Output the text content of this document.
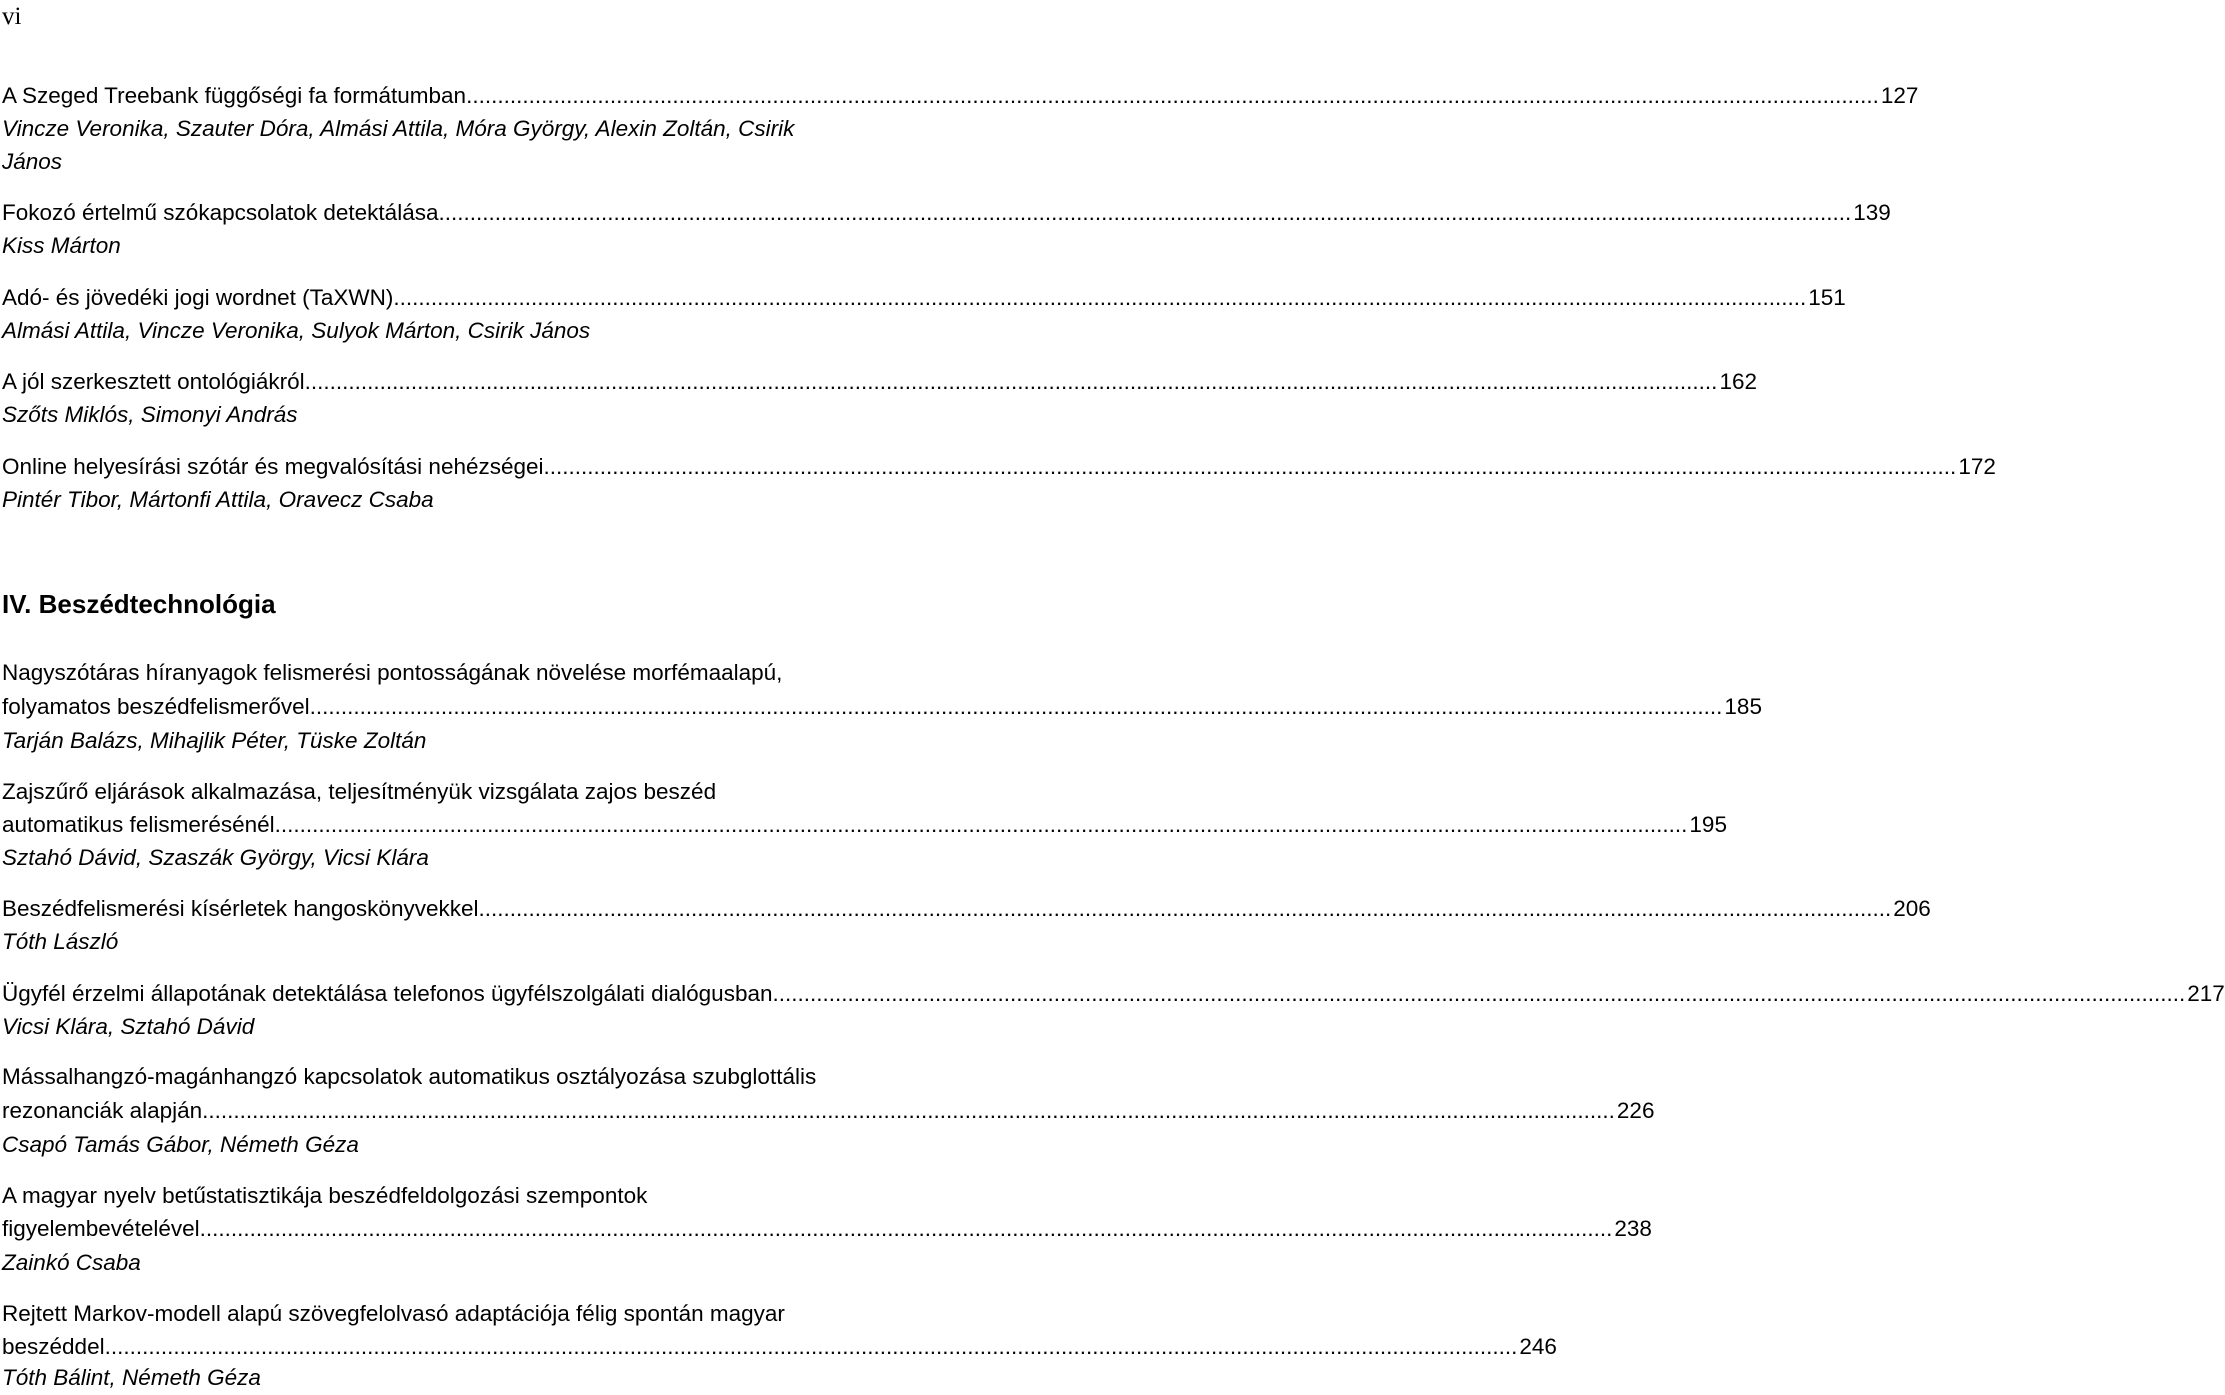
vi
A Szeged Treebank függőségi fa formátumban .................................................................................................................................................................................................................................. 127
Vincze Veronika, Szauter Dóra, Almási Attila, Móra György, Alexin Zoltán, Csirik
János
Fokozó értelmű szókapcsolatok detektálása .................................................................................................................................................................................................................................. 139
Kiss Márton
Adó- és jövedéki jogi wordnet (TaXWN) .................................................................................................................................................................................................................................. 151
Almási Attila, Vincze Veronika, Sulyok Márton, Csirik János
A jól szerkesztett ontológiákról .................................................................................................................................................................................................................................. 162
Szőts Miklós, Simonyi András
Online helyesírási szótár és megvalósítási nehézségei .................................................................................................................................................................................................................................. 172
Pintér Tibor, Mártonfi Attila, Oravecz Csaba
IV. Beszédtechnológia
Nagyszótáras híranyagok felismerési pontosságának növelése morfémaalapú,
folyamatos beszédfelismerővel .................................................................................................................................................................................................................................. 185
Tarján Balázs, Mihajlik Péter, Tüske Zoltán
Zajszűrő eljárások alkalmazása, teljesítményük vizsgálata zajos beszéd
automatikus felismerésénél .................................................................................................................................................................................................................................. 195
Sztahó Dávid, Szaszák György, Vicsi Klára
Beszédfelismerési kísérletek hangoskönyvekkel .................................................................................................................................................................................................................................. 206
Tóth László
Ügyfél érzelmi állapotának detektálása telefonos ügyfélszolgálati dialógusban .................................................................................................................................................................................................................................. 217
Vicsi Klára, Sztahó Dávid
Mássalhangzó-magánhangzó kapcsolatok automatikus osztályozása szubglottális
rezonanciák alapján .................................................................................................................................................................................................................................. 226
Csapó Tamás Gábor, Németh Géza
A magyar nyelv betűstatisztikája beszédfeldolgozási szempontok
figyelembevételével .................................................................................................................................................................................................................................. 238
Zainkó Csaba
Rejtett Markov-modell alapú szövegfelolvasó adaptációja félig spontán magyar
beszéddel .................................................................................................................................................................................................................................. 246
Tóth Bálint, Németh Géza
